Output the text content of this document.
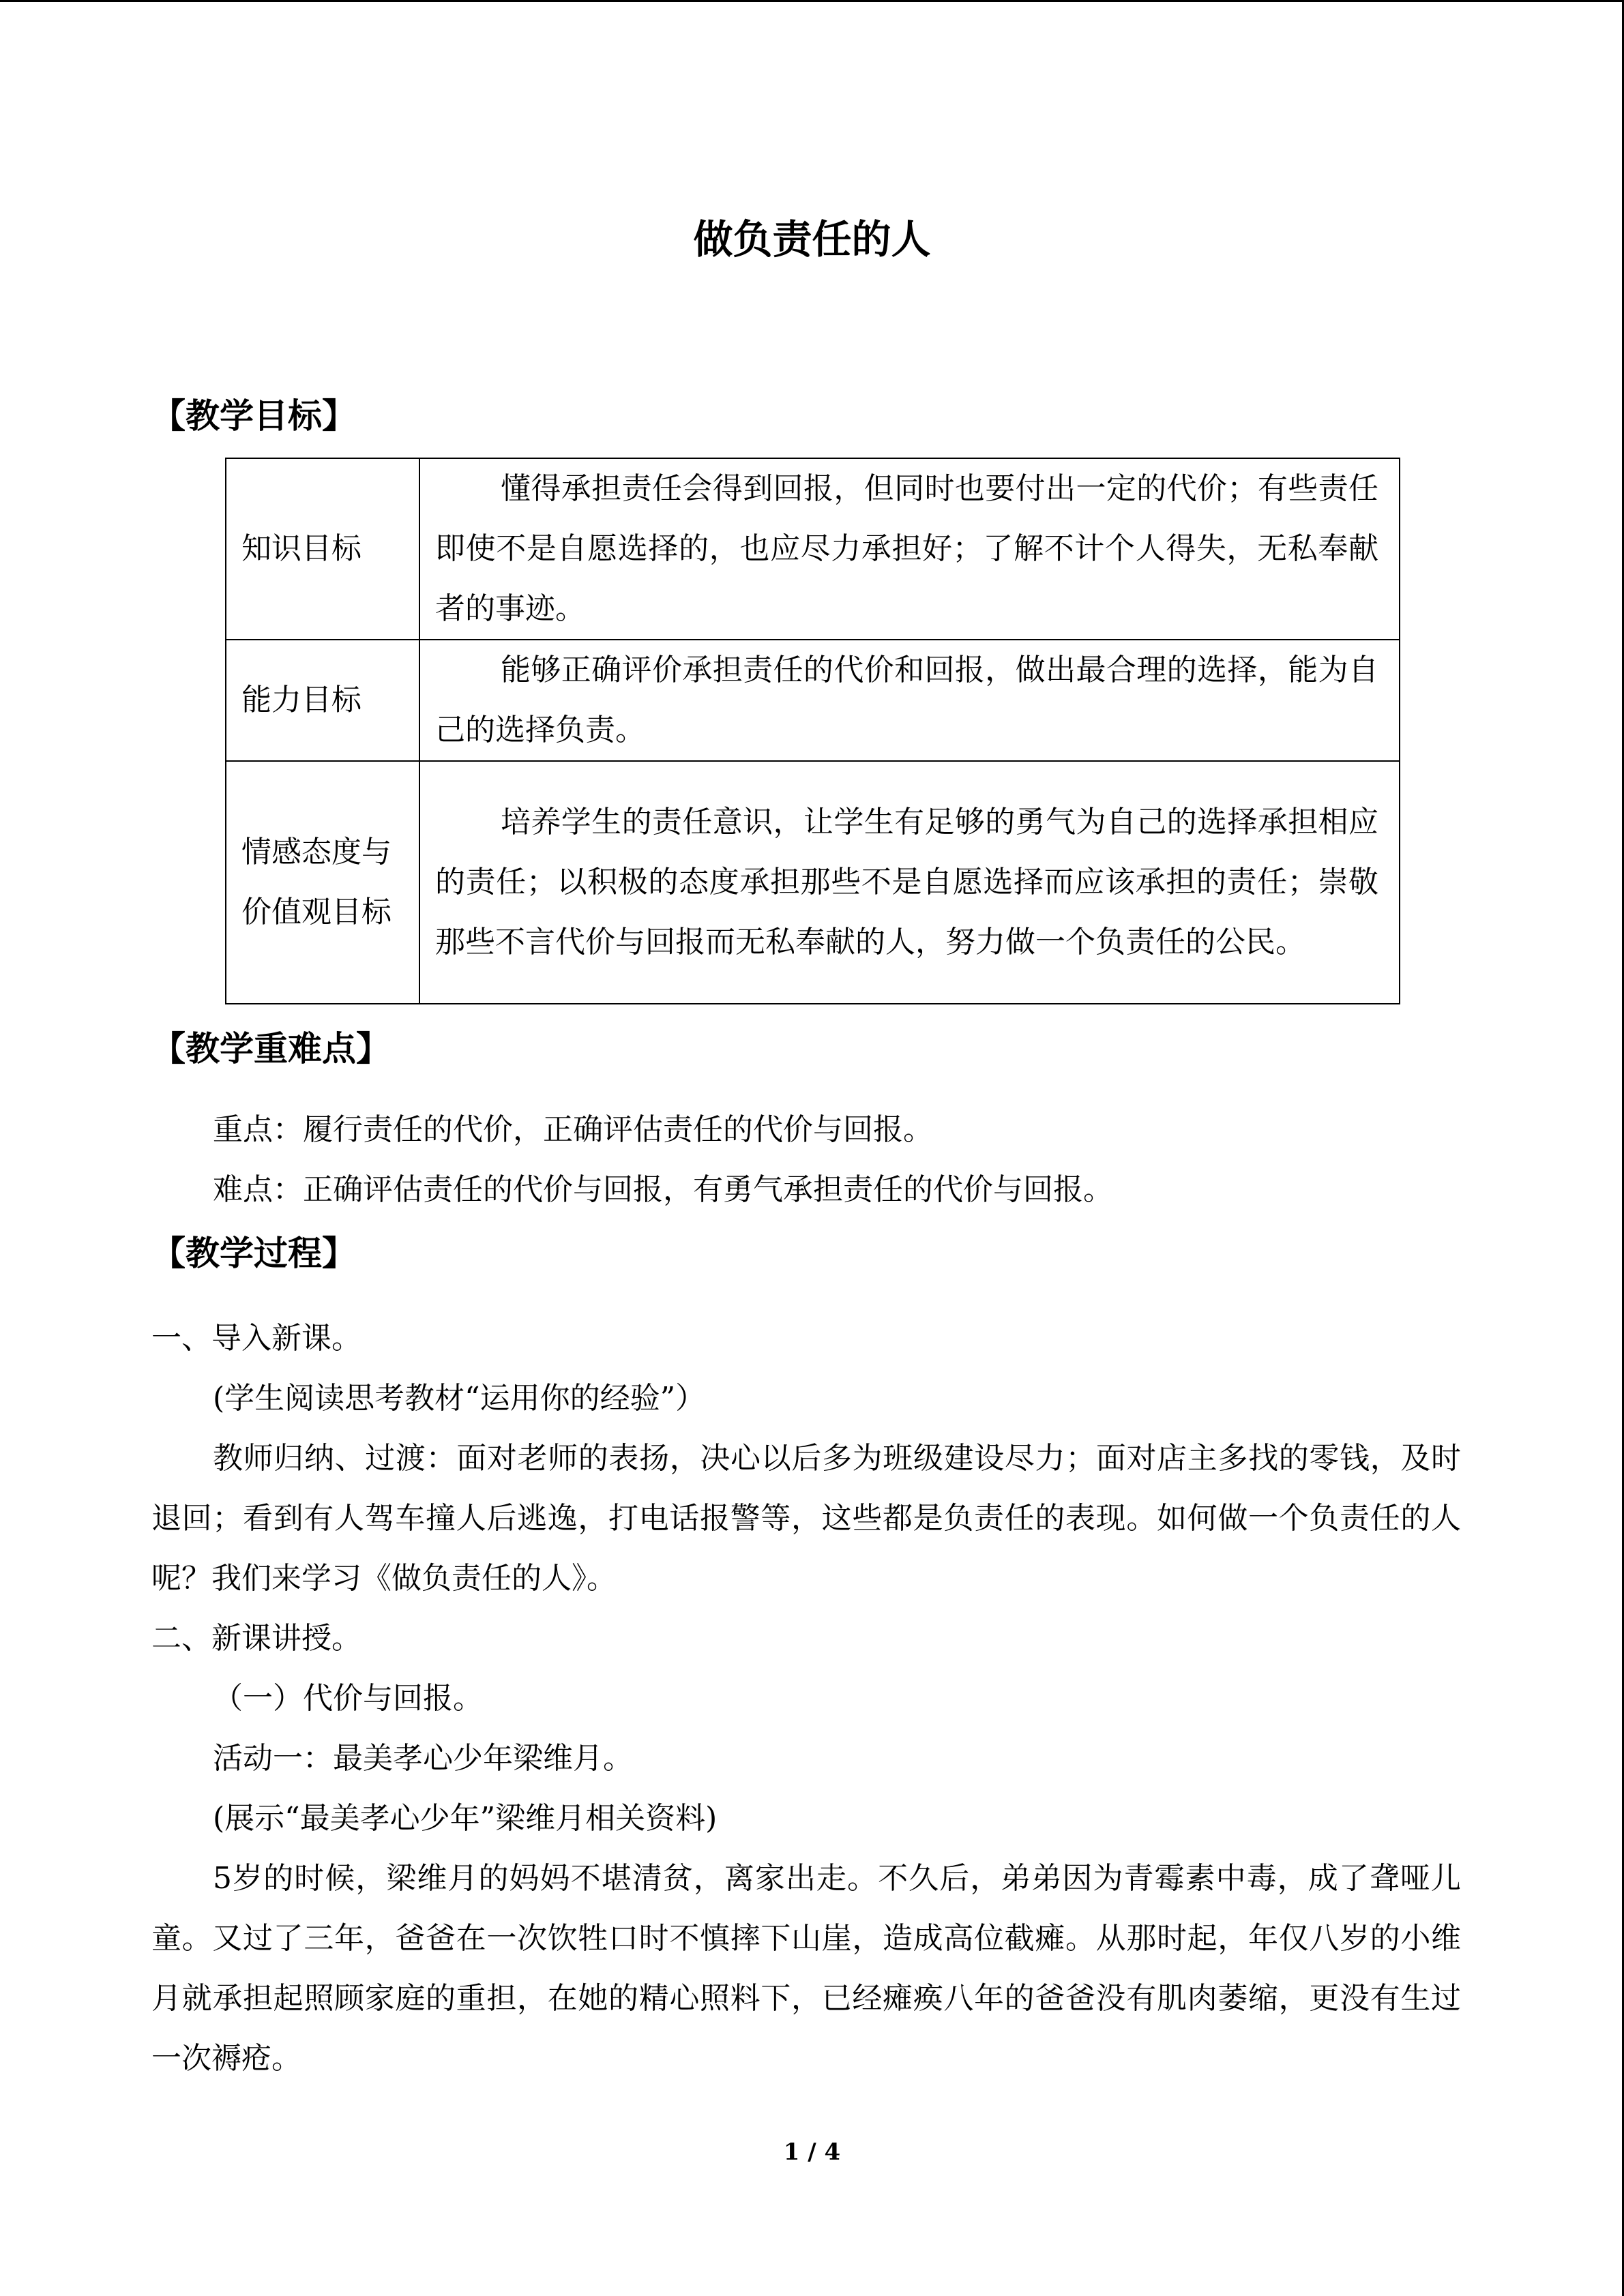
做负责任的人
【教学目标】
知识目标	懂得承担责任会得到回报，但同时也要付出一定的代价；有些责任即使不是自愿选择的，也应尽力承担好；了解不计个人得失，无私奉献者的事迹。
能力目标	能够正确评价承担责任的代价和回报，做出最合理的选择，能为自己的选择负责。
情感态度与价值观目标	培养学生的责任意识，让学生有足够的勇气为自己的选择承担相应的责任；以积极的态度承担那些不是自愿选择而应该承担的责任；崇敬那些不言代价与回报而无私奉献的人，努力做一个负责任的公民。
【教学重难点】
重点：履行责任的代价，正确评估责任的代价与回报。
难点：正确评估责任的代价与回报，有勇气承担责任的代价与回报。
【教学过程】
一、导入新课。
(学生阅读思考教材“运用你的经验”）
教师归纳、过渡：面对老师的表扬，决心以后多为班级建设尽力；面对店主多找的零钱，及时退回；看到有人驾车撞人后逃逸，打电话报警等，这些都是负责任的表现。如何做一个负责任的人呢？我们来学习《做负责任的人》。
二、新课讲授。
（一）代价与回报。
活动一：最美孝心少年梁维月。
(展示“最美孝心少年”梁维月相关资料)
5岁的时候，梁维月的妈妈不堪清贫，离家出走。不久后，弟弟因为青霉素中毒，成了聋哑儿童。又过了三年，爸爸在一次饮牲口时不慎摔下山崖，造成高位截瘫。从那时起，年仅八岁的小维月就承担起照顾家庭的重担，在她的精心照料下，已经瘫痪八年的爸爸没有肌肉萎缩，更没有生过一次褥疮。
1 / 4
